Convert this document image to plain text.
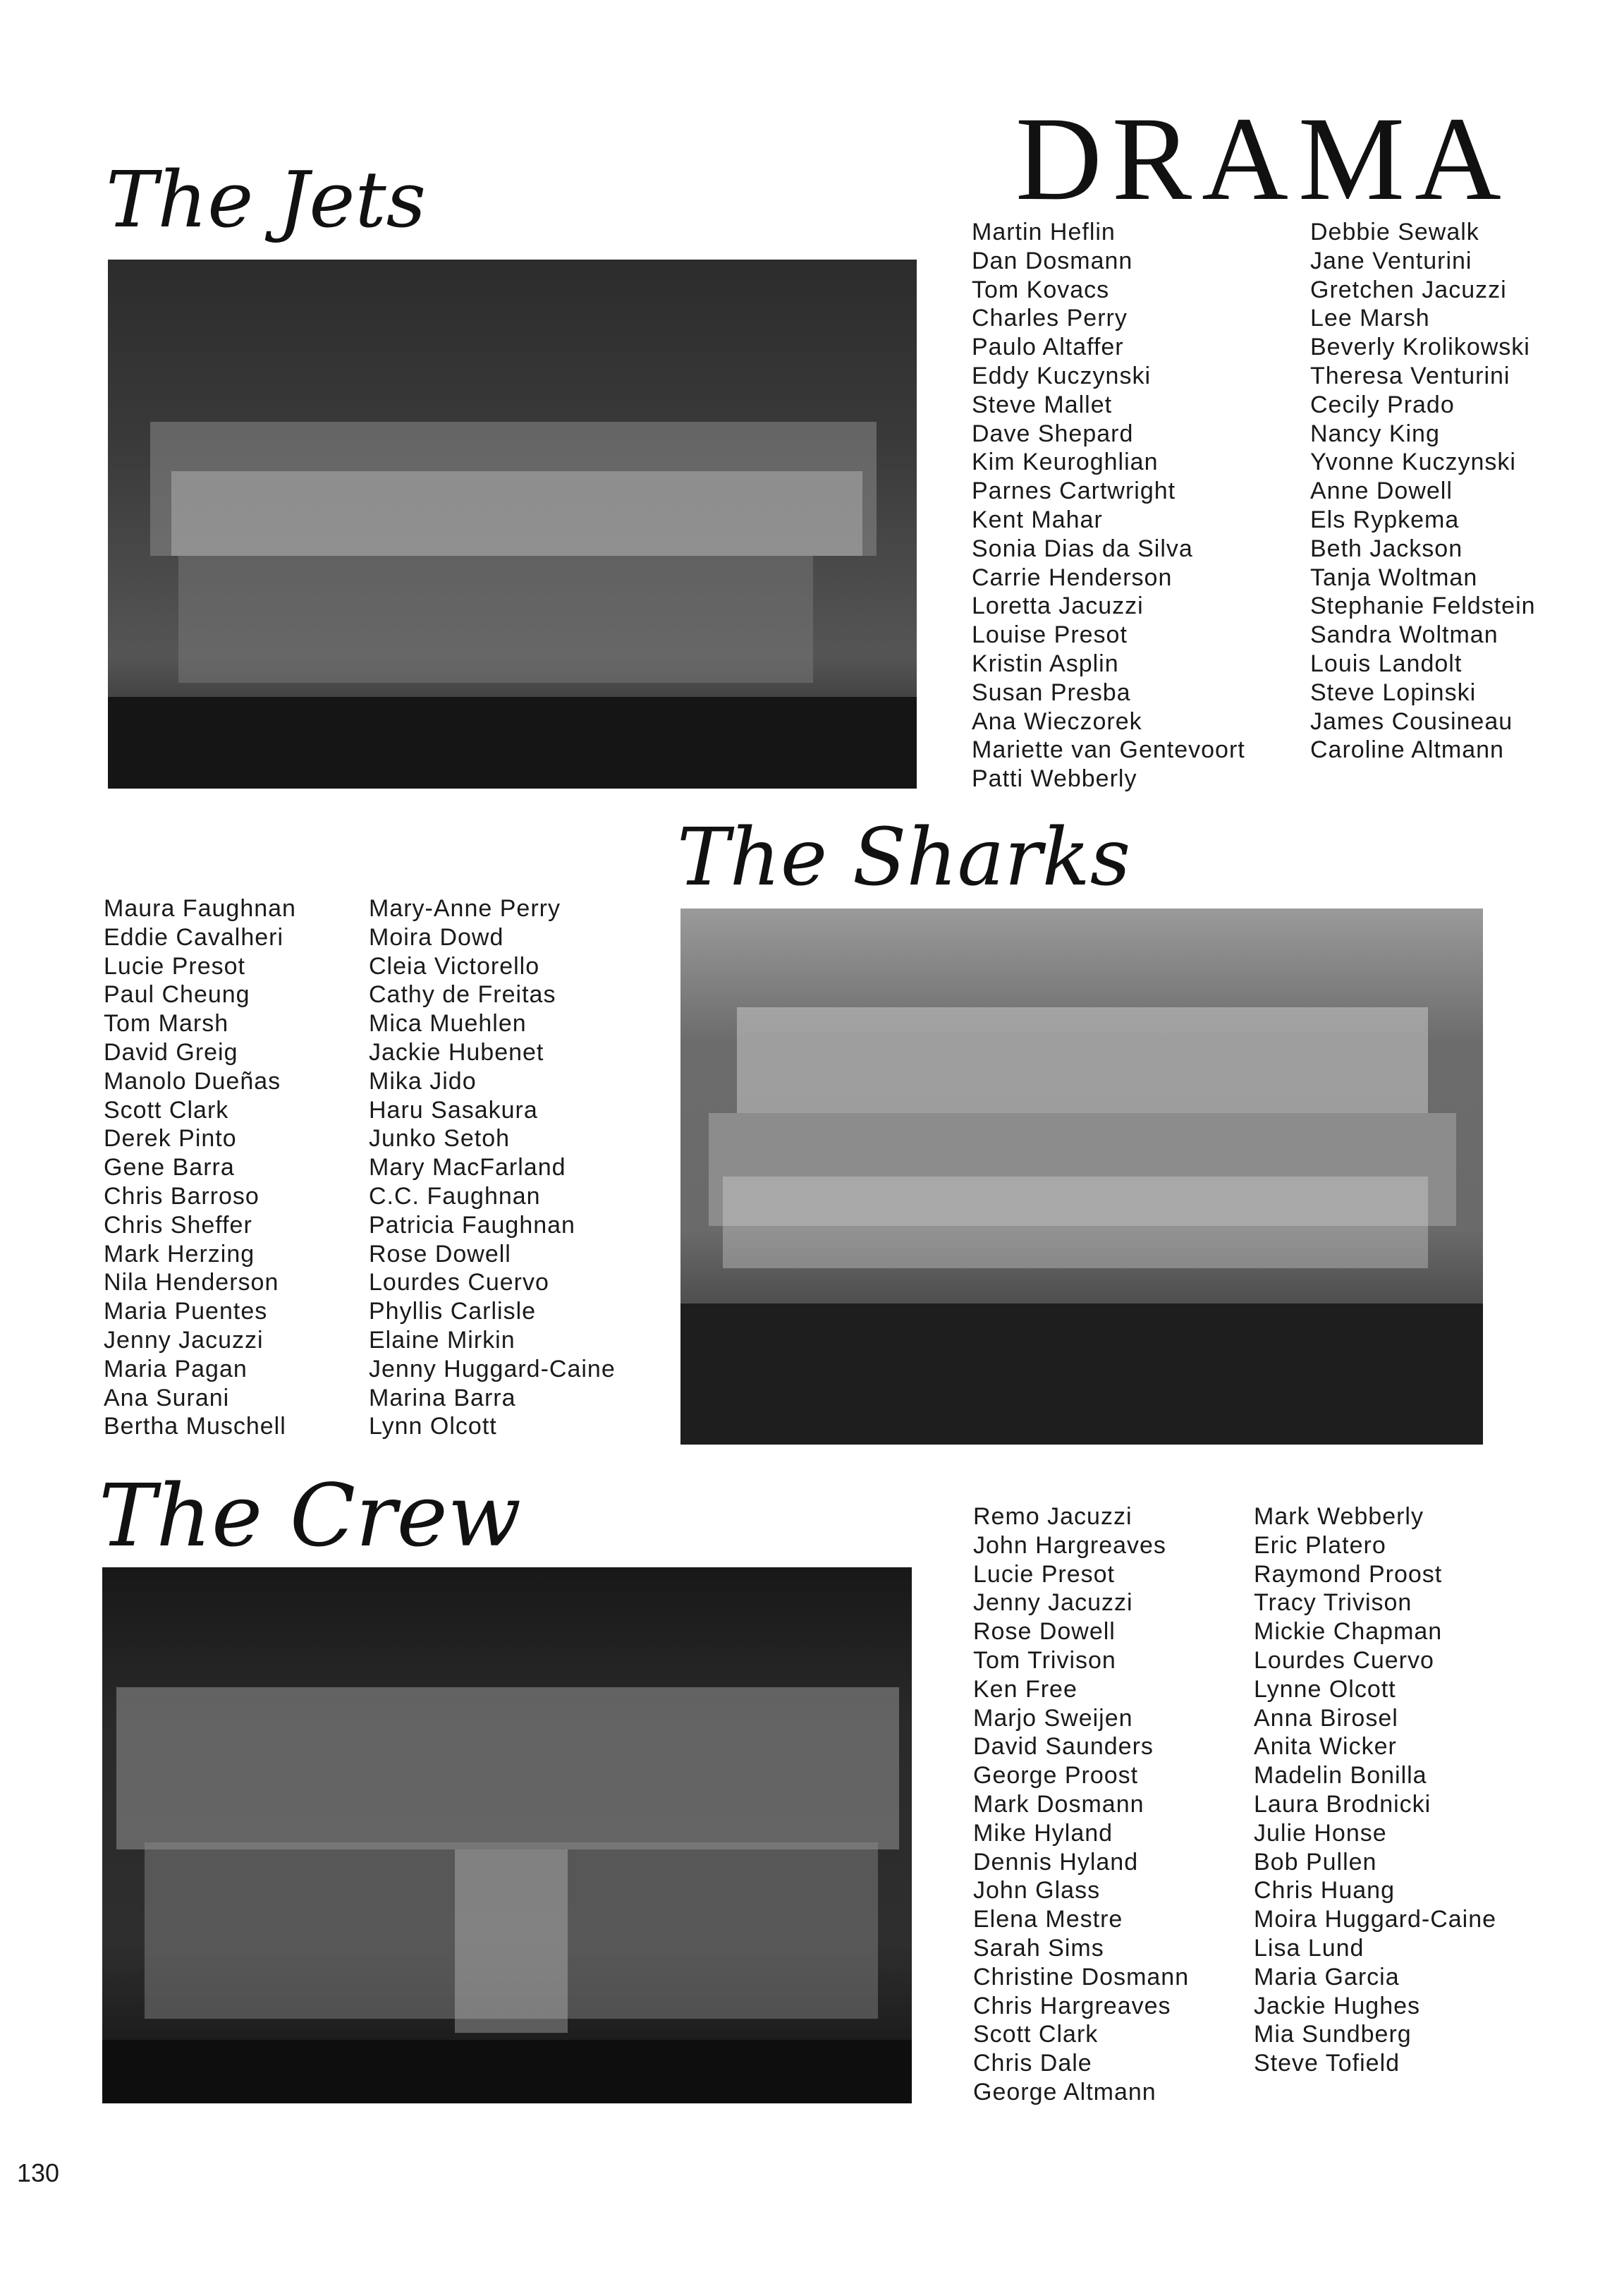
DRAMA
The Jets	Martin Heflin
Dan Dosmann
Tom Kovacs
Charles Perry
Paulo Altaffer
Eddy Kuczynski
Steve Mallet
Dave Shepard
Kim Keuroghlian
Parnes Cartwright
Kent Mahar
Sonia Dias da Silva
Carrie Henderson
Loretta Jacuzzi
Louise Presot
Kristin Asplin
Susan Presba
Ana Wieczorek
Mariette van Gentevoort
Patti Webberly
Debbie Sewalk
Jane Venturini
Gretchen Jacuzzi
Lee Marsh
Beverly Krolikowski
Theresa Venturini
Cecily Prado
Nancy King
Yvonne Kuczynski
Anne Dowell
Els Rypkema
Beth Jackson
Tanja Woltman
Stephanie Feldstein
Sandra Woltman
Louis Landolt
Steve Lopinski
James Cousineau
Caroline Altmann
The Sharks
Maura Faughnan
Eddie Cavalheri
Lucie Presot
Paul Cheung
Tom Marsh
David Greig
Manolo Dueñas
Scott Clark
Derek Pinto
Gene Barra
Chris Barroso
Chris Sheffer
Mark Herzing
Nila Henderson
Maria Puentes
Jenny Jacuzzi
Maria Pagan
Ana Surani
Bertha Muschell
Mary-Anne Perry
Moira Dowd
Cleia Victorello
Cathy de Freitas
Mica Muehlen
Jackie Hubenet
Mika Jido
Haru Sasakura
Junko Setoh
Mary MacFarland
C.C. Faughnan
Patricia Faughnan
Rose Dowell
Lourdes Cuervo
Phyllis Carlisle
Elaine Mirkin
Jenny Huggard-Caine
Marina Barra
Lynn Olcott
The Crew	Remo Jacuzzi
John Hargreaves
Lucie Presot
Jenny Jacuzzi
Rose Dowell
Tom Trivison
Ken Free
Marjo Sweijen
David Saunders
George Proost
Mark Dosmann
Mike Hyland
Dennis Hyland
John Glass
Elena Mestre
Sarah Sims
Christine Dosmann
Chris Hargreaves
Scott Clark
Chris Dale
George Altmann
Mark Webberly
Eric Platero
Raymond Proost
Tracy Trivison
Mickie Chapman
Lourdes Cuervo
Lynne Olcott
Anna Birosel
Anita Wicker
Madelin Bonilla
Laura Brodnicki
Julie Honse
Bob Pullen
Chris Huang
Moira Huggard-Caine
Lisa Lund
Maria Garcia
Jackie Hughes
Mia Sundberg
Steve Tofield
130
